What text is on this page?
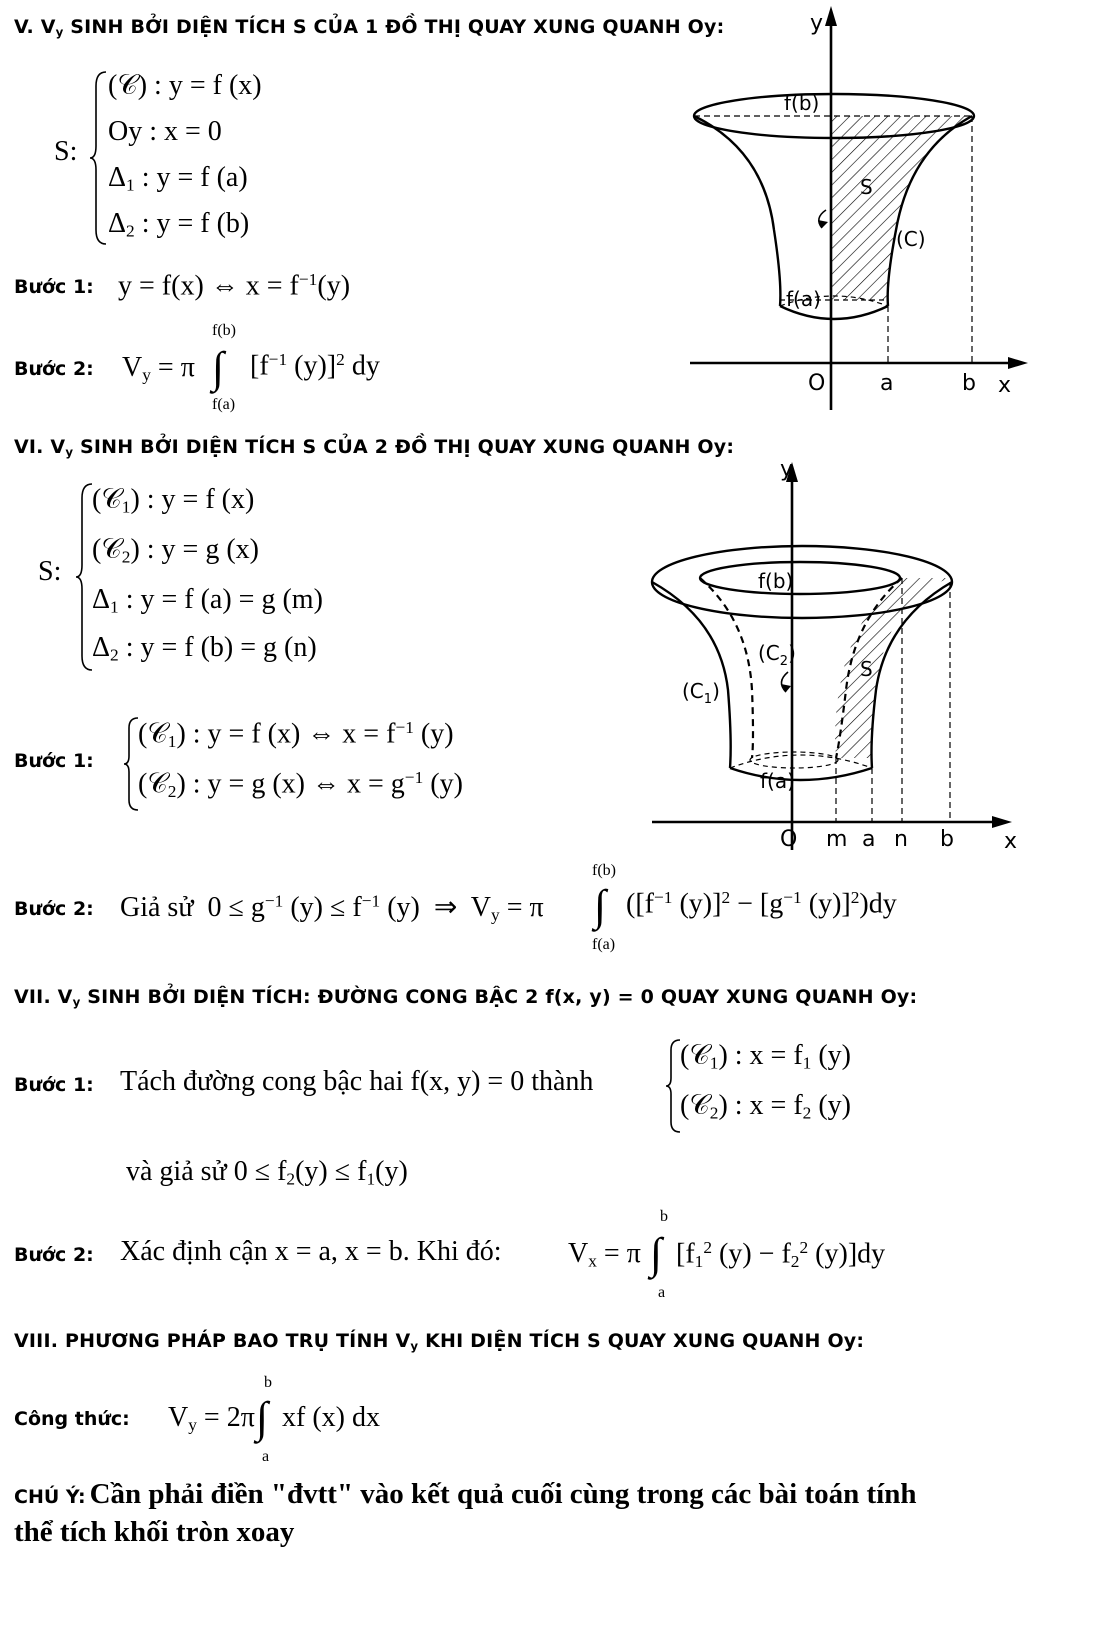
V. $V_y$ SINH BỞI DIỆN TÍCH S CỦA 1 ĐỒ THỊ QUAY XUNG QUANH Oy:
S:
(𝒞) : y = f (x)
Oy : x = 0
$\Delta_1$ : y = f (a)
$\Delta_2$ : y = f (b)
Bước 1: y = f(x) ⇔ $x = f^{-1}(y)$
Bước 2: $V_y = \pi$ ∫
f(b)
f(a)
[$f^{-1}$ (y)]$^2$ dy
y
x
O a	b
f(b)
f(a)
S
(C)
VI. $V_y$ SINH BỞI DIỆN TÍCH S CỦA 2 ĐỒ THỊ QUAY XUNG QUANH Oy:
S:
(𝒞$_1$) : y = f (x)
(𝒞$_2$) : y = g (x)
$\Delta_1$ : y = f (a) = g (m)
$\Delta_2$ : y = f (b) = g (n)
Bước 1:
(𝒞$_1$) : y = f (x) ⇔ $x = f^{-1}$ (y)
(𝒞$_2$) : y = g (x) ⇔ $x = g^{-1}$ (y)
Bước 2: Giả sử  $0 \le g^{-1}$ $(y) \le f^{-1}$ (y)  ⇒  $V_y = \pi$ ∫
f(b)
f(a)
([$f^{-1}$ $(y)]^2 - [g^{-1}$ (y)]$^2$)dy
y
x
O m a n b
f(b)
f(a)
S
$(C_1)$
$(C_2)$
VII. $V_y$ SINH BỞI DIỆN TÍCH: ĐƯỜNG CONG BẬC 2 f(x, y) = 0 QUAY XUNG QUANH Oy:
Bước 1: Tách đường cong bậc hai f(x, y) = 0 thành
(𝒞$_1$) : $x = f_1$ (y)
(𝒞$_2$) : $x = f_2$ (y)
và giả sử $0 \le f_2(y) \le f_1(y)$
Bước 2: Xác định cận x = a, x = b. Khi đó: $V_x = \pi$ ∫
b
a
[$f_1^2$ $(y) - f_2^2$ (y)]dy
VIII. PHƯƠNG PHÁP BAO TRỤ TÍNH $V_y$ KHI DIỆN TÍCH S QUAY XUNG QUANH Oy:
Công thức: $V_y = 2\pi$ ∫
b
a
xf (x) dx
CHÚ Ý: Cần phải điền "đvtt" vào kết quả cuối cùng trong các bài toán tính
thể tích khối tròn xoay
